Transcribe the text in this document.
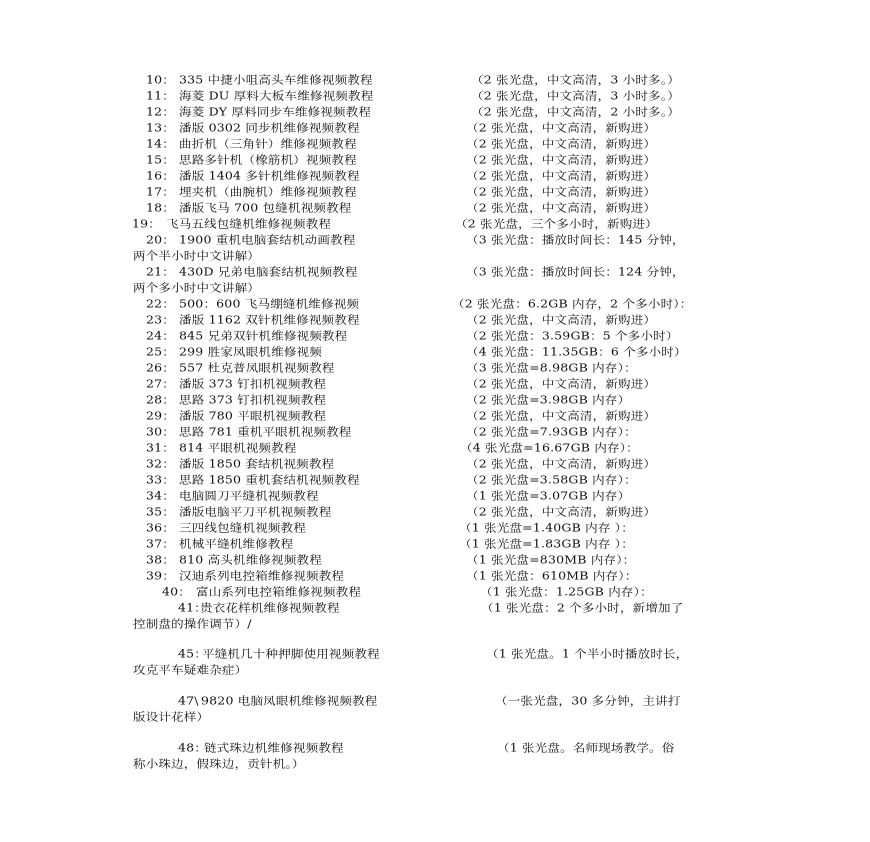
10： 335 中捷小咀高头车维修视频教程	（2 张光盘，中文高清，3 小时多。）
11： 海菱 DU 厚料大板车维修视频教程	（2 张光盘，中文高清，3 小时多。）
12： 海菱 DY 厚料同步车维修视频教程	（2 张光盘，中文高清，2 小时多。）
13： 潘版 0302 同步机维修视频教程	（2 张光盘，中文高清，新购进）
14： 曲折机（三角针）维修视频教程	（2 张光盘，中文高清，新购进）
15： 思路多针机（橡筋机）视频教程	（2 张光盘，中文高清，新购进）
16： 潘版 1404 多针机维修视频教程	（2 张光盘，中文高清，新购进）
17： 埋夹机（曲腕机）维修视频教程	（2 张光盘，中文高清，新购进）
18： 潘版飞马 700 包缝机视频教程	（2 张光盘，中文高清，新购进）
19： 飞马五线包缝机维修视频教程	（2 张光盘，三个多小时，新购进）
20： 1900 重机电脑套结机动画教程	（3 张光盘：播放时间长：145 分钟，
两个半小时中文讲解）
21： 430D 兄弟电脑套结机视频教程	（3 张光盘：播放时间长：124 分钟，
两个多小时中文讲解）
22： 500：600 飞马绷缝机维修视频	（2 张光盘：6.2GB 内存，2 个多小时）：
23： 潘版 1162 双针机维修视频教程	（2 张光盘，中文高清，新购进）
24： 845 兄弟双针机维修视频教程	（2 张光盘：3.59GB：5 个多小时）
25： 299 胜家凤眼机维修视频	（4 张光盘：11.35GB：6 个多小时）
26： 557 杜克普凤眼机视频教程	（3 张光盘=8.98GB 内存）：
27： 潘版 373 钉扣机视频教程	（2 张光盘，中文高清，新购进）
28： 思路 373 钉扣机视频教程	（2 张光盘=3.98GB 内存）
29： 潘版 780 平眼机视频教程	（2 张光盘，中文高清，新购进）
30： 思路 781 重机平眼机视频教程	（2 张光盘=7.93GB 内存）：
31： 814 平眼机视频教程	（4 张光盘=16.67GB 内存）：
32： 潘版 1850 套结机视频教程	（2 张光盘，中文高清，新购进）
33： 思路 1850 重机套结机视频教程	（2 张光盘=3.58GB 内存）：
34： 电脑圆刀平缝机视频教程	（1 张光盘=3.07GB 内存）
35： 潘版电脑平刀平机视频教程	（2 张光盘，中文高清，新购进）
36： 三四线包缝机视频教程	（1 张光盘=1.40GB 内存 ）：
37： 机械平缝机维修教程	（1 张光盘=1.83GB 内存 ）：
38： 810 高头机维修视频教程	（1 张光盘=830MB 内存）：
39： 汉迪系列电控箱维修视频教程	（1 张光盘：610MB 内存）：
40： 富山系列电控箱维修视频教程	（1 张光盘：1.25GB 内存）：
41：
贵衣花样机维修视频教程	（1 张光盘：2 个多小时，新增加了
控制盘的操作调节）/
45：
平缝机几十种押脚使用视频教程	（1 张光盘。1 个半小时播放时长，
攻克平车疑难杂症）
47\ 9820 电脑凤眼机维修视频教程	（一张光盘，30 多分钟，主讲打
版设计花样）
48：
链式珠边机维修视频教程	（1 张光盘。名师现场教学。俗
称小珠边，假珠边，贡针机。）
